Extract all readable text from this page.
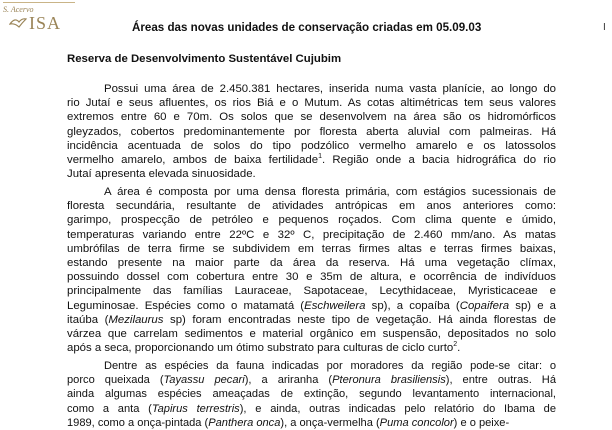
S. Acervo
ISA	Áreas das novas unidades de conservação criadas em 05.09.03	I
Reserva de Desenvolvimento Sustentável Cujubim
Possui uma área de 2.450.381 hectares, inserida numa vasta planície, ao longo do
rio Jutaí e seus afluentes, os rios Biá e o Mutum. As cotas altimétricas tem seus valores
extremos entre 60 e 70m. Os solos que se desenvolvem na área são os hidromórficos
gleyzados, cobertos predominantemente por floresta aberta aluvial com palmeiras. Há
incidência acentuada de solos do tipo podzólico vermelho amarelo e os latossolos
vermelho amarelo, ambos de baixa fertilidade$^1$. Região onde a bacia hidrográfica do rio
Jutaí apresenta elevada sinuosidade.
A área é composta por uma densa floresta primária, com estágios sucessionais de
floresta secundária, resultante de atividades antrópicas em anos anteriores como:
garimpo, prospecção de petróleo e pequenos roçados. Com clima quente e úmido,
temperaturas variando entre 22ºC e 32º C, precipitação de 2.460 mm/ano. As matas
umbrófilas de terra firme se subdividem em terras firmes altas e terras firmes baixas,
estando presente na maior parte da área da reserva. Há uma vegetação clímax,
possuindo dossel com cobertura entre 30 e 35m de altura, e ocorrência de indivíduos
principalmente das famílias Lauraceae, Sapotaceae, Lecythidaceae, Myristicaceae e
Leguminosae. Espécies como o matamatá (Eschweilera sp), a copaíba (Copaifera sp) e a
itaúba (Mezilaurus sp) foram encontradas neste tipo de vegetação. Há ainda florestas de
várzea que carrelam sedimentos e material orgânico em suspensão, depositados no solo
após a seca, proporcionando um ótimo substrato para culturas de ciclo curto$^2$.
Dentre as espécies da fauna indicadas por moradores da região pode-se citar: o
porco queixada (Tayassu pecari), a ariranha (Pteronura brasiliensis), entre outras. Há
ainda algumas espécies ameaçadas de extinção, segundo levantamento internacional,
como a anta (Tapirus terrestris), e ainda, outras indicadas pelo relatório do Ibama de
1989, como a onça-pintada (Panthera onca), a onça-vermelha (Puma concolor) e o peixe-
